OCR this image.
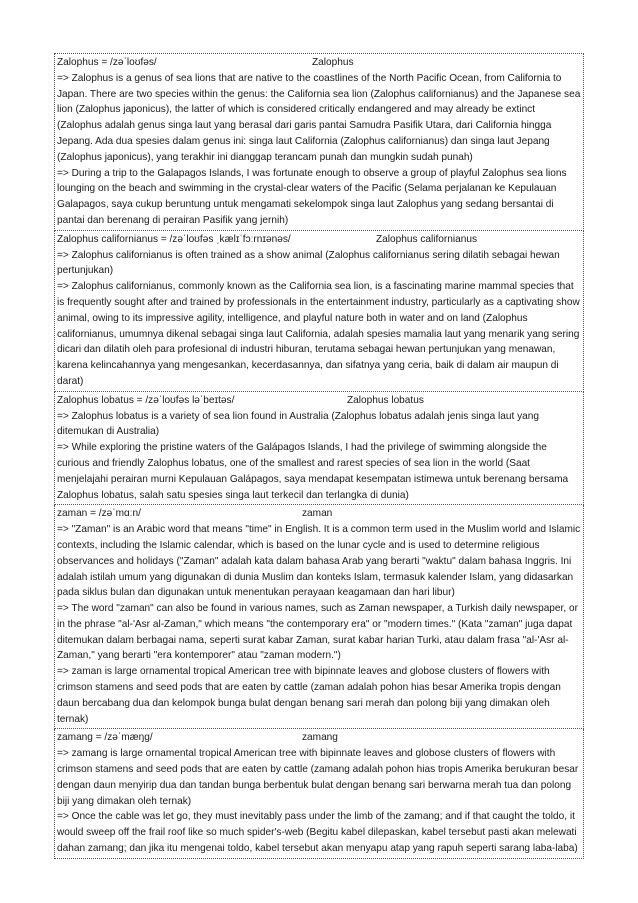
Zalophus = /zəˈloʊfəs/	Zalophus

=> Zalophus is a genus of sea lions that are native to the coastlines of the North Pacific Ocean, from California to Japan. There are two species within the genus: the California sea lion (Zalophus californianus) and the Japanese sea lion (Zalophus japonicus), the latter of which is considered critically endangered and may already be extinct (Zalophus adalah genus singa laut yang berasal dari garis pantai Samudra Pasifik Utara, dari California hingga Jepang. Ada dua spesies dalam genus ini: singa laut California (Zalophus californianus) dan singa laut Jepang (Zalophus japonicus), yang terakhir ini dianggap terancam punah dan mungkin sudah punah)

=> During a trip to the Galapagos Islands, I was fortunate enough to observe a group of playful Zalophus sea lions lounging on the beach and swimming in the crystal-clear waters of the Pacific (Selama perjalanan ke Kepulauan Galapagos, saya cukup beruntung untuk mengamati sekelompok singa laut Zalophus yang sedang bersantai di pantai dan berenang di perairan Pasifik yang jernih)

Zalophus californianus = /zəˈloʊfəs ˌkælɪˈfɔːrnɪənəs/	Zalophus californianus

=> Zalophus californianus is often trained as a show animal (Zalophus californianus sering dilatih sebagai hewan pertunjukan)

=> Zalophus californianus, commonly known as the California sea lion, is a fascinating marine mammal species that is frequently sought after and trained by professionals in the entertainment industry, particularly as a captivating show animal, owing to its impressive agility, intelligence, and playful nature both in water and on land (Zalophus californianus, umumnya dikenal sebagai singa laut California, adalah spesies mamalia laut yang menarik yang sering dicari dan dilatih oleh para profesional di industri hiburan, terutama sebagai hewan pertunjukan yang menawan, karena kelincahannya yang mengesankan, kecerdasannya, dan sifatnya yang ceria, baik di dalam air maupun di darat)

Zalophus lobatus = /zəˈloʊfəs ləˈbeɪtəs/	Zalophus lobatus

=> Zalophus lobatus is a variety of sea lion found in Australia (Zalophus lobatus adalah jenis singa laut yang ditemukan di Australia)

=> While exploring the pristine waters of the Galápagos Islands, I had the privilege of swimming alongside the curious and friendly Zalophus lobatus, one of the smallest and rarest species of sea lion in the world (Saat menjelajahi perairan murni Kepulauan Galápagos, saya mendapat kesempatan istimewa untuk berenang bersama Zalophus lobatus, salah satu spesies singa laut terkecil dan terlangka di dunia)

zaman = /zəˈmɑːn/	zaman

=> "Zaman" is an Arabic word that means "time" in English. It is a common term used in the Muslim world and Islamic contexts, including the Islamic calendar, which is based on the lunar cycle and is used to determine religious observances and holidays ("Zaman" adalah kata dalam bahasa Arab yang berarti "waktu" dalam bahasa Inggris. Ini adalah istilah umum yang digunakan di dunia Muslim dan konteks Islam, termasuk kalender Islam, yang didasarkan pada siklus bulan dan digunakan untuk menentukan perayaan keagamaan dan hari libur)

=> The word "zaman" can also be found in various names, such as Zaman newspaper, a Turkish daily newspaper, or in the phrase "al-'Asr al-Zaman," which means "the contemporary era" or "modern times." (Kata "zaman" juga dapat ditemukan dalam berbagai nama, seperti surat kabar Zaman, surat kabar harian Turki, atau dalam frasa "al-'Asr al-Zaman," yang berarti "era kontemporer" atau "zaman modern.")

=> zaman is large ornamental tropical American tree with bipinnate leaves and globose clusters of flowers with crimson stamens and seed pods that are eaten by cattle (zaman adalah pohon hias besar Amerika tropis dengan daun bercabang dua dan kelompok bunga bulat dengan benang sari merah dan polong biji yang dimakan oleh ternak)

zamang = /zəˈmæŋɡ/	zamang

=> zamang is large ornamental tropical American tree with bipinnate leaves and globose clusters of flowers with crimson stamens and seed pods that are eaten by cattle (zamang adalah pohon hias tropis Amerika berukuran besar dengan daun menyirip dua dan tandan bunga berbentuk bulat dengan benang sari berwarna merah tua dan polong biji yang dimakan oleh ternak)

=> Once the cable was let go, they must inevitably pass under the limb of the zamang; and if that caught the toldo, it would sweep off the frail roof like so much spider's-web (Begitu kabel dilepaskan, kabel tersebut pasti akan melewati dahan zamang; dan jika itu mengenai toldo, kabel tersebut akan menyapu atap yang rapuh seperti sarang laba-laba)
